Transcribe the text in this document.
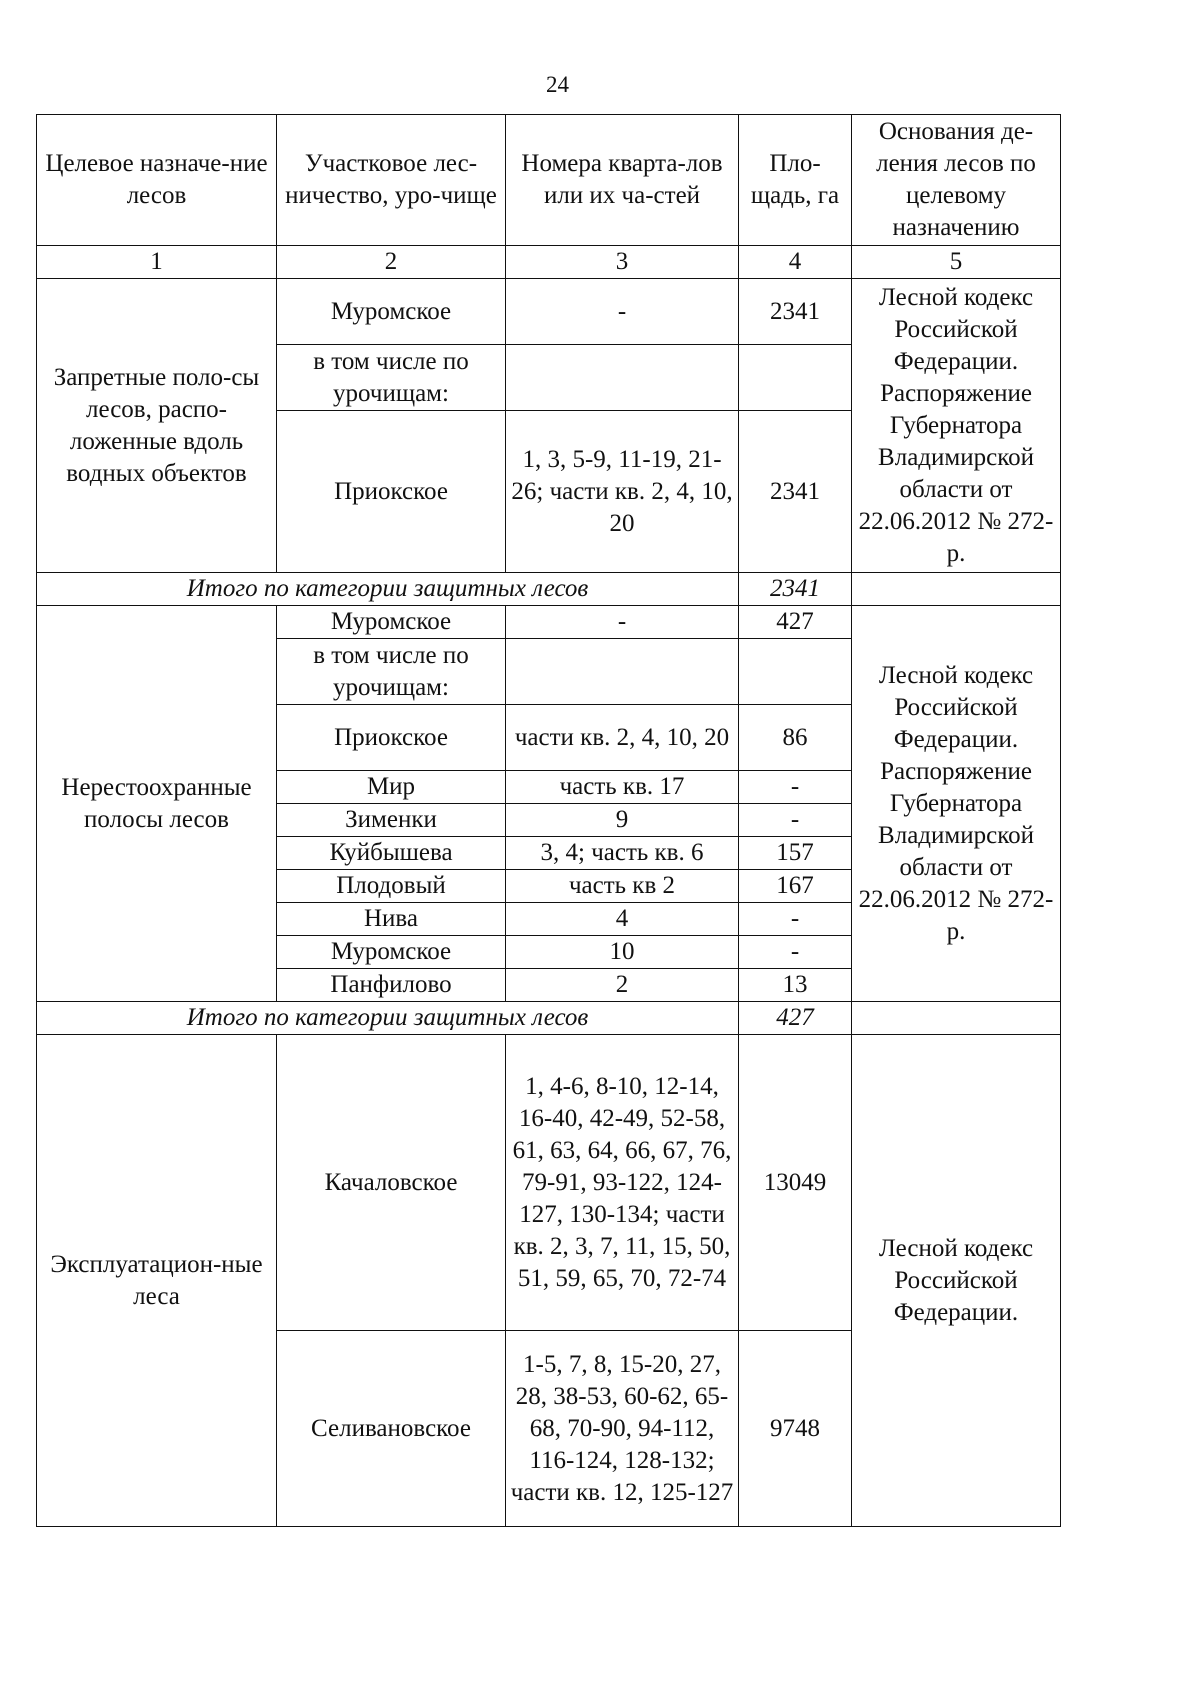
24
Целевое назначе-ние лесов	Участковое лес-ничество, уро-чище	Номера кварта-лов или их ча-стей	Пло-щадь, га	Основания де-ления лесов по целевому назначению
1	2	3	4	5
Запретные поло-сы лесов, распо-ложенные вдоль водных объектов	Муромское	-	2341	Лесной кодекс Российской Федерации. Распоряжение Губернатора Владимирской области от 22.06.2012 № 272-р.
	в том числе по урочищам:			
	Приокское	1, 3, 5-9, 11-19, 21-26; части кв. 2, 4, 10, 20	2341	
Итого по категории защитных лесов			2341	
Нерестоохранные полосы лесов	Муромское	-	427	Лесной кодекс Российской Федерации. Распоряжение Губернатора Владимирской области от 22.06.2012 № 272-р.
	в том числе по урочищам:			
	Приокское	части кв. 2, 4, 10, 20	86	
	Мир	часть кв. 17	-	
	Зименки	9	-	
	Куйбышева	3, 4; часть кв. 6	157	
	Плодовый	часть кв 2	167	
	Нива	4	-	
	Муромское	10	-	
	Панфилово	2	13	
Итого по категории защитных лесов			427	
Эксплуатацион-ные леса	Качаловское	1, 4-6, 8-10, 12-14, 16-40, 42-49, 52-58, 61, 63, 64, 66, 67, 76, 79-91, 93-122, 124-127, 130-134; части кв. 2, 3, 7, 11, 15, 50, 51, 59, 65, 70, 72-74	13049	Лесной кодекс Российской Федерации.
	Селивановское	1-5, 7, 8, 15-20, 27, 28, 38-53, 60-62, 65-68, 70-90, 94-112, 116-124, 128-132; части кв. 12, 125-127	9748	
